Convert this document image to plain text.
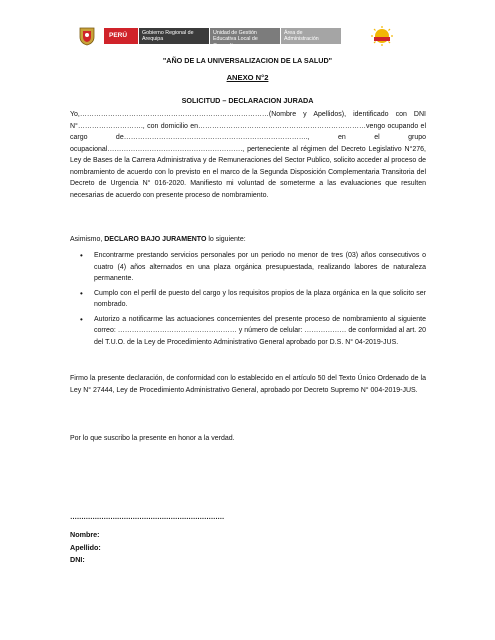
PERÚ	Gobierno Regional de Arequipa
Unidad de Gestión Educativa Local de Caravelí
Área de Administración
"AÑO DE LA UNIVERSALIZACION DE LA SALUD"
ANEXO N°2
SOLICITUD – DECLARACION JURADA
Yo,………………………………………………………………………(Nombre y Apellidos), identificado con DNI N°………………………., con domicilio en………………………………………………………………vengo ocupando el cargo de……………………………………………………………………., en el grupo ocupacional…………………………………………………., perteneciente al régimen del Decreto Legislativo N°276, Ley de Bases de la Carrera Administrativa y de Remuneraciones del Sector Publico, solicito acceder al proceso de nombramiento de acuerdo con lo previsto en el marco de la Segunda Disposición Complementaria Transitoria del Decreto de Urgencia N° 016-2020. Manifiesto mi voluntad de someterme a las evaluaciones que resulten necesarias de acuerdo con presente proceso de nombramiento.
Asimismo, DECLARO BAJO JURAMENTO lo siguiente:
• Encontrarme prestando servicios personales por un periodo no menor de tres (03) años consecutivos o cuatro (4) años alternados en una plaza orgánica presupuestada, realizando labores de naturaleza permanente.
• Cumplo con el perfil de puesto del cargo y los requisitos propios de la plaza orgánica en la que solicito ser nombrado.
• Autorizo a notificarme las actuaciones concernientes del presente proceso de nombramiento al siguiente correo: …………………………………………… y número de celular: ……………… de conformidad al art. 20 del T.U.O. de la Ley de Procedimiento Administrativo General aprobado por D.S. N° 04-2019-JUS.
Firmo la presente declaración, de conformidad con lo establecido en el artículo 50 del Texto Único Ordenado de la Ley N° 27444, Ley de Procedimiento Administrativo General, aprobado por Decreto Supremo N° 004-2019-JUS.
Por lo que suscribo la presente en honor a la verdad.
……………………………………………………………
Nombre:
Apellido:
DNI:
